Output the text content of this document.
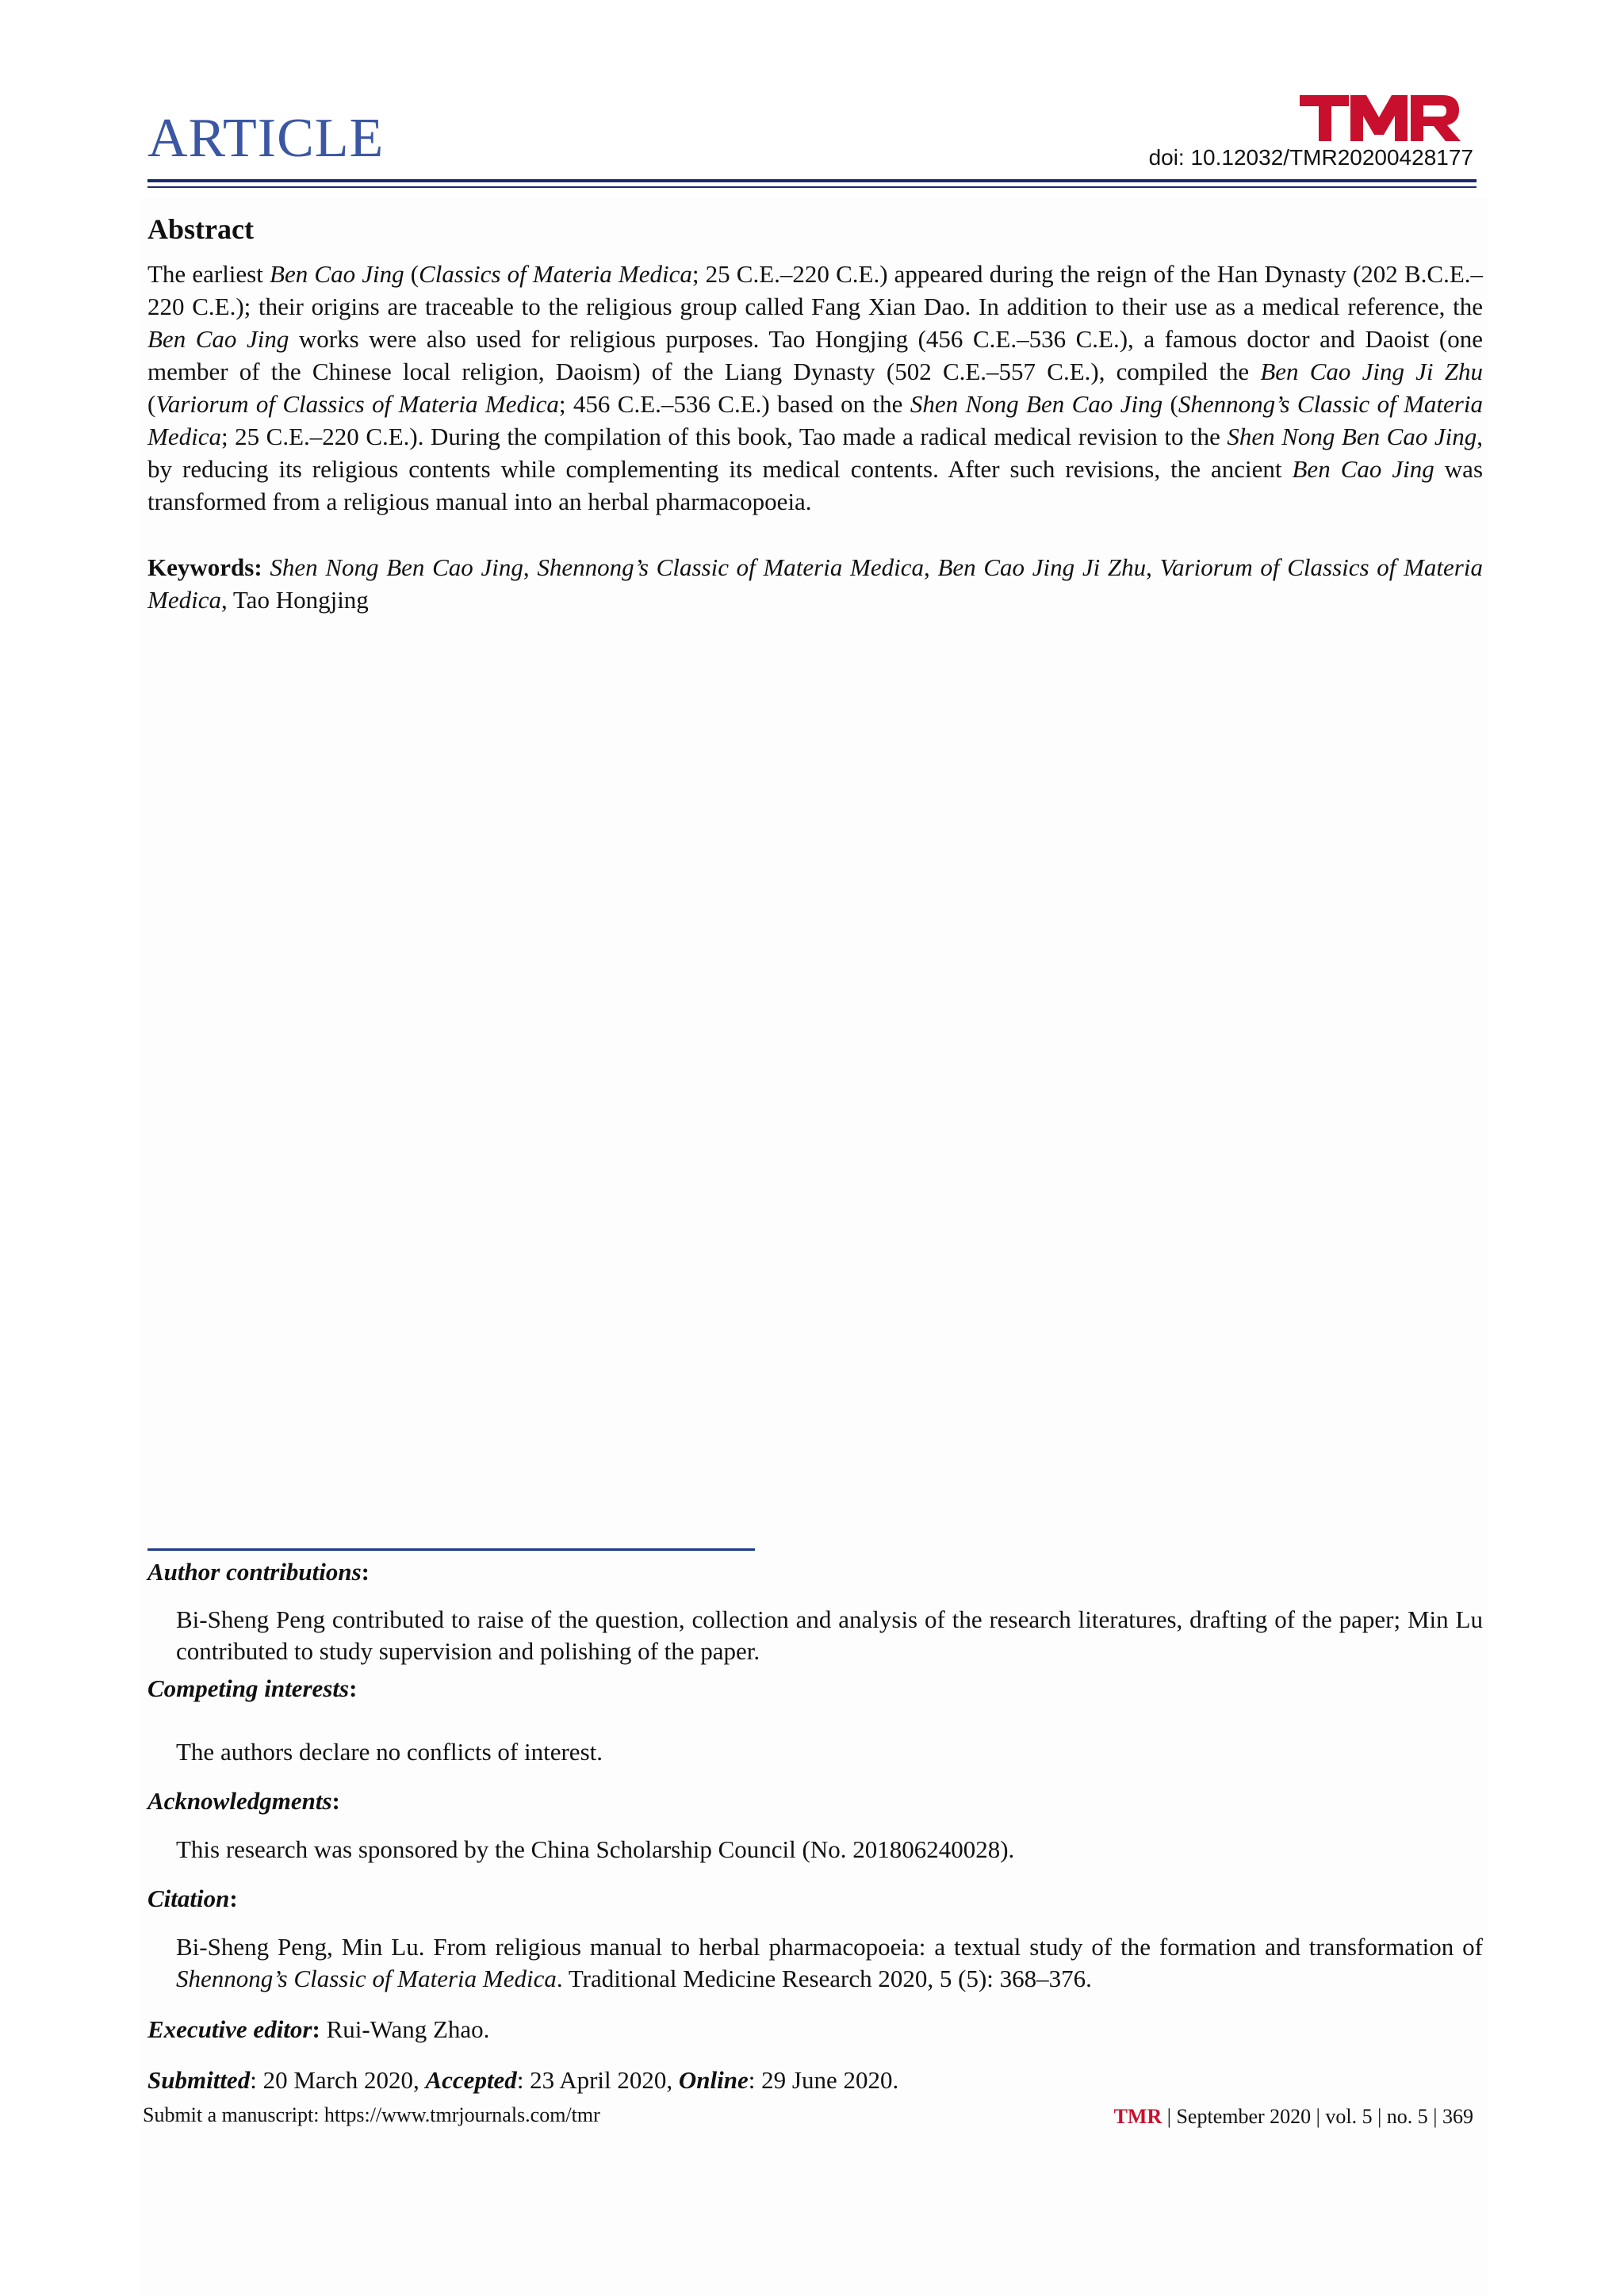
ARTICLE	doi: 10.12032/TMR20200428177
Abstract
The earliest Ben Cao Jing (Classics of Materia Medica; 25 C.E.–220 C.E.) appeared during the reign of the Han Dynasty (202 B.C.E.–220 C.E.); their origins are traceable to the religious group called Fang Xian Dao. In addition to their use as a medical reference, the Ben Cao Jing works were also used for religious purposes. Tao Hongjing (456 C.E.–536 C.E.), a famous doctor and Daoist (one member of the Chinese local religion, Daoism) of the Liang Dynasty (502 C.E.–557 C.E.), compiled the Ben Cao Jing Ji Zhu (Variorum of Classics of Materia Medica; 456 C.E.–536 C.E.) based on the Shen Nong Ben Cao Jing (Shennong’s Classic of Materia Medica; 25 C.E.–220 C.E.). During the compilation of this book, Tao made a radical medical revision to the Shen Nong Ben Cao Jing, by reducing its religious contents while complementing its medical contents. After such revisions, the ancient Ben Cao Jing was transformed from a religious manual into an herbal pharmacopoeia.
Keywords: Shen Nong Ben Cao Jing, Shennong’s Classic of Materia Medica, Ben Cao Jing Ji Zhu, Variorum of Classics of Materia Medica, Tao Hongjing
Author contributions:
Bi-Sheng Peng contributed to raise of the question, collection and analysis of the research literatures, drafting of the paper; Min Lu contributed to study supervision and polishing of the paper.
Competing interests:
The authors declare no conflicts of interest.
Acknowledgments:
This research was sponsored by the China Scholarship Council (No. 201806240028).
Citation:
Bi-Sheng Peng, Min Lu. From religious manual to herbal pharmacopoeia: a textual study of the formation and transformation of Shennong’s Classic of Materia Medica. Traditional Medicine Research 2020, 5 (5): 368–376.
Executive editor: Rui-Wang Zhao.
Submitted: 20 March 2020, Accepted: 23 April 2020, Online: 29 June 2020.
Submit a manuscript: https://www.tmrjournals.com/tmr	TMR | September 2020 | vol. 5 | no. 5 | 369
